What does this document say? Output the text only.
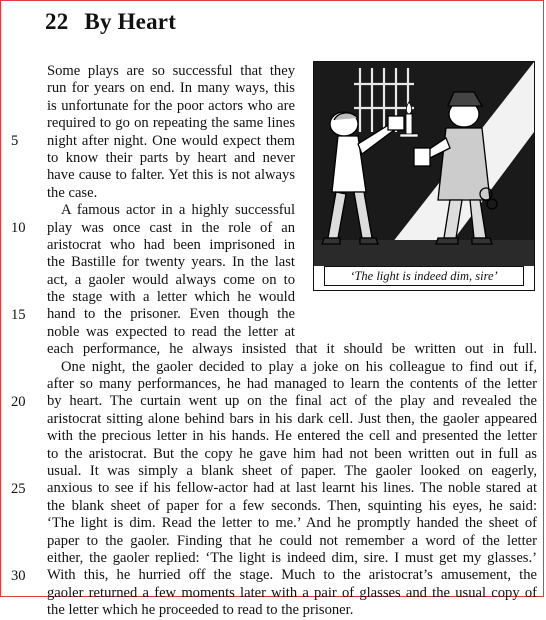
22 By Heart
‘The light is indeed dim, sire’
5
10
15
20
25
30
Some plays are so successful that they
run for years on end. In many ways, this
is unfortunate for the poor actors who are
required to go on repeating the same lines
night after night. One would expect them
to know their parts by heart and never
have cause to falter. Yet this is not always
the case.
A famous actor in a highly successful
play was once cast in the role of an
aristocrat who had been imprisoned in
the Bastille for twenty years. In the last
act, a gaoler would always come on to
the stage with a letter which he would
hand to the prisoner. Even though the
noble was expected to read the letter at
each performance, he always insisted that it should be written out in full.
One night, the gaoler decided to play a joke on his colleague to find out if,
after so many performances, he had managed to learn the contents of the letter
by heart. The curtain went up on the final act of the play and revealed the
aristocrat sitting alone behind bars in his dark cell. Just then, the gaoler appeared
with the precious letter in his hands. He entered the cell and presented the letter
to the aristocrat. But the copy he gave him had not been written out in full as
usual. It was simply a blank sheet of paper. The gaoler looked on eagerly,
anxious to see if his fellow-actor had at last learnt his lines. The noble stared at
the blank sheet of paper for a few seconds. Then, squinting his eyes, he said:
‘The light is dim. Read the letter to me.’ And he promptly handed the sheet of
paper to the gaoler. Finding that he could not remember a word of the letter
either, the gaoler replied: ‘The light is indeed dim, sire. I must get my glasses.’
With this, he hurried off the stage. Much to the aristocrat’s amusement, the
gaoler returned a few moments later with a pair of glasses and the usual copy of
the letter which he proceeded to read to the prisoner.
